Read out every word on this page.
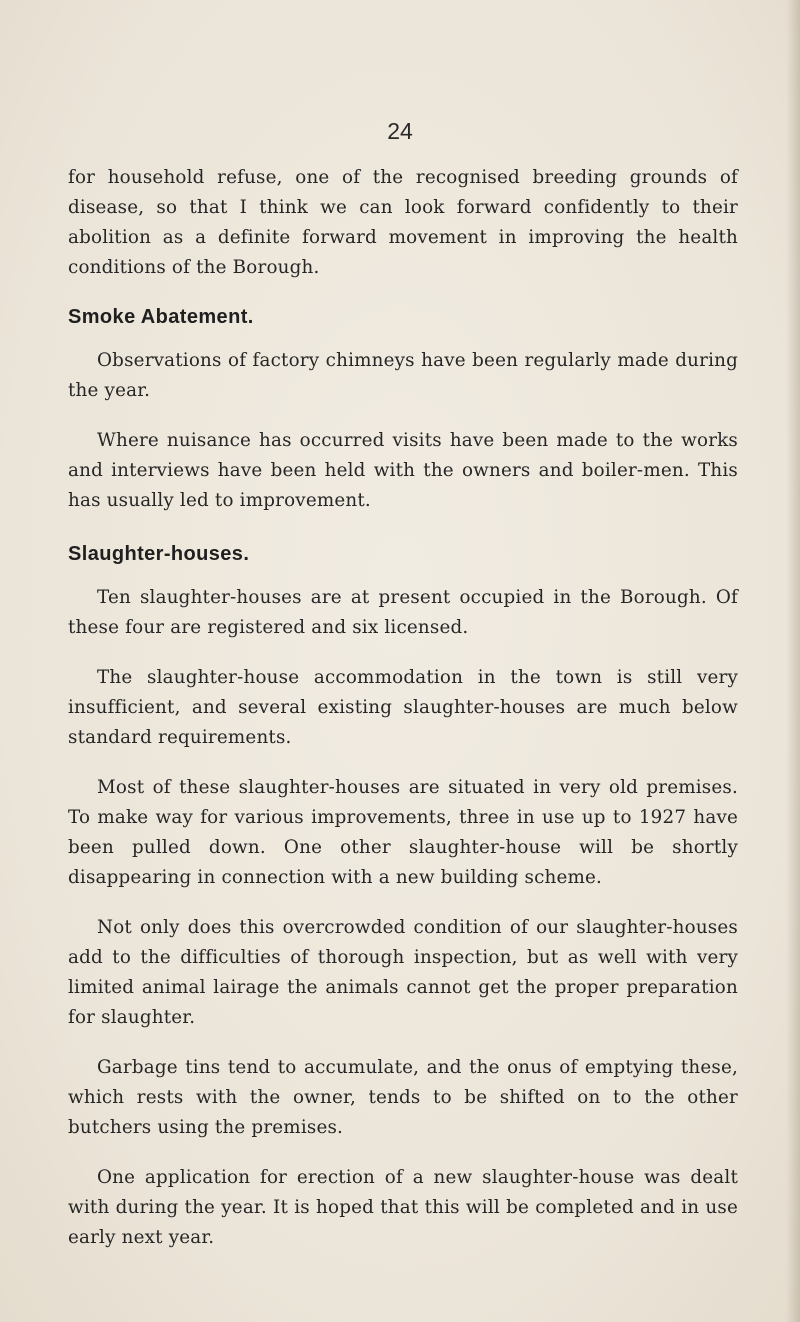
24

for household refuse, one of the recognised breeding grounds of disease, so that I think we can look forward confidently to their abolition as a definite forward movement in improving the health conditions of the Borough.

Smoke Abatement.

Observations of factory chimneys have been regularly made during the year.

Where nuisance has occurred visits have been made to the works and interviews have been held with the owners and boiler-men. This has usually led to improvement.

Slaughter-houses.

Ten slaughter-houses are at present occupied in the Borough. Of these four are registered and six licensed.

The slaughter-house accommodation in the town is still very insufficient, and several existing slaughter-houses are much below standard requirements.

Most of these slaughter-houses are situated in very old premises. To make way for various improvements, three in use up to 1927 have been pulled down. One other slaughter-house will be shortly disappearing in connection with a new building scheme.

Not only does this overcrowded condition of our slaughter-houses add to the difficulties of thorough inspection, but as well with very limited animal lairage the animals cannot get the proper preparation for slaughter.

Garbage tins tend to accumulate, and the onus of emptying these, which rests with the owner, tends to be shifted on to the other butchers using the premises.

One application for erection of a new slaughter-house was dealt with during the year. It is hoped that this will be completed and in use early next year.
